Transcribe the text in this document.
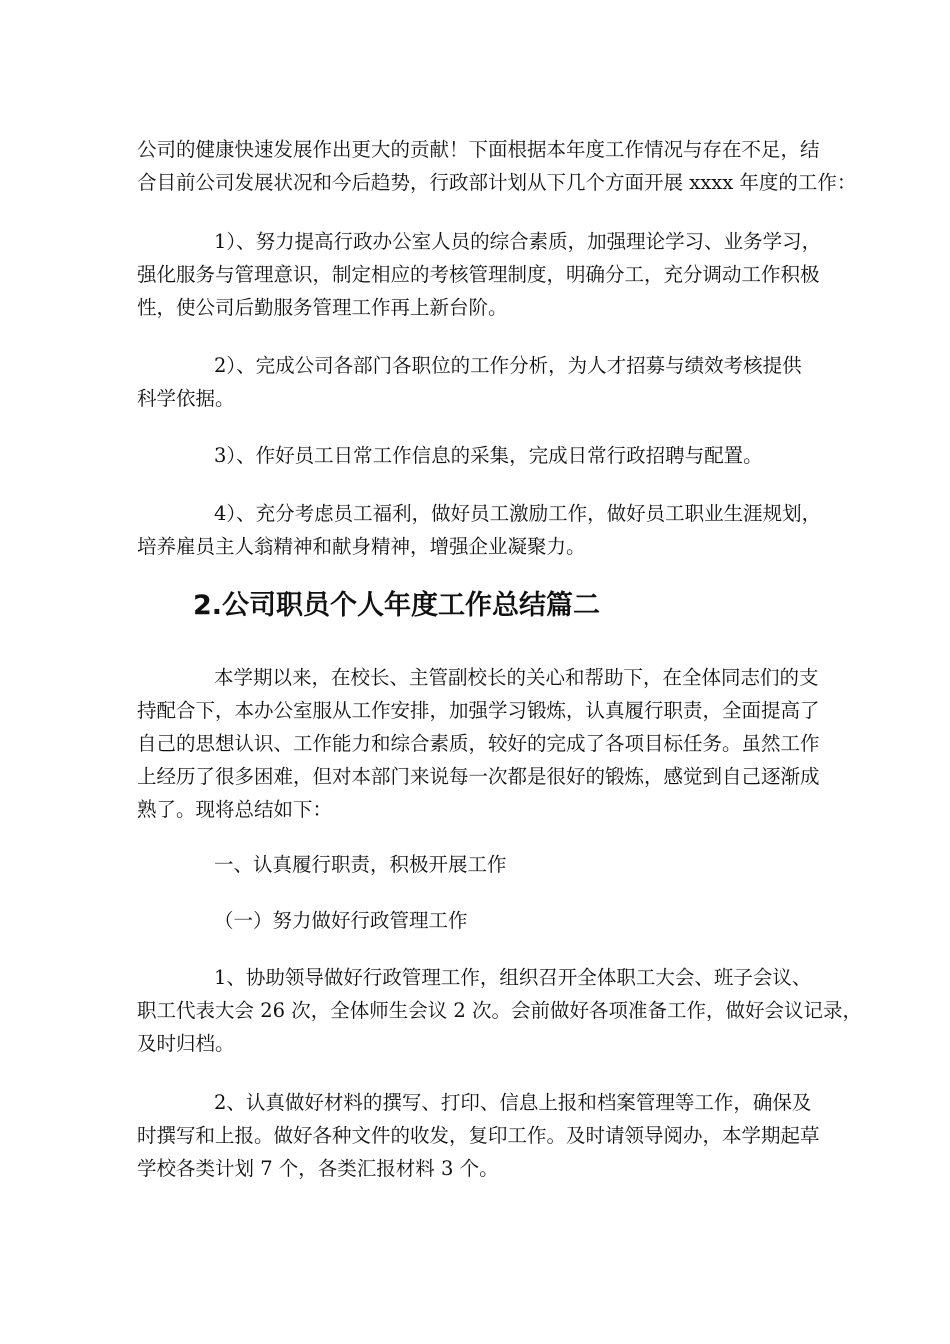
公司的健康快速发展作出更大的贡献！下面根据本年度工作情况与存在不足，结
合目前公司发展状况和今后趋势，行政部计划从下几个方面开展 xxxx 年度的工作：

1）、努力提高行政办公室人员的综合素质，加强理论学习、业务学习，
强化服务与管理意识，制定相应的考核管理制度，明确分工，充分调动工作积极
性，使公司后勤服务管理工作再上新台阶。

2）、完成公司各部门各职位的工作分析，为人才招募与绩效考核提供
科学依据。

3）、作好员工日常工作信息的采集，完成日常行政招聘与配置。

4）、充分考虑员工福利，做好员工激励工作，做好员工职业生涯规划，
培养雇员主人翁精神和献身精神，增强企业凝聚力。

2.公司职员个人年度工作总结篇二

本学期以来，在校长、主管副校长的关心和帮助下，在全体同志们的支
持配合下，本办公室服从工作安排，加强学习锻炼，认真履行职责，全面提高了
自己的思想认识、工作能力和综合素质，较好的完成了各项目标任务。虽然工作
上经历了很多困难，但对本部门来说每一次都是很好的锻炼，感觉到自己逐渐成
熟了。现将总结如下：

一、认真履行职责，积极开展工作

（一）努力做好行政管理工作

1、协助领导做好行政管理工作，组织召开全体职工大会、班子会议、
职工代表大会 26 次，全体师生会议 2 次。会前做好各项准备工作，做好会议记录，
及时归档。

2、认真做好材料的撰写、打印、信息上报和档案管理等工作，确保及
时撰写和上报。做好各种文件的收发，复印工作。及时请领导阅办，本学期起草
学校各类计划 7 个，各类汇报材料 3 个。
